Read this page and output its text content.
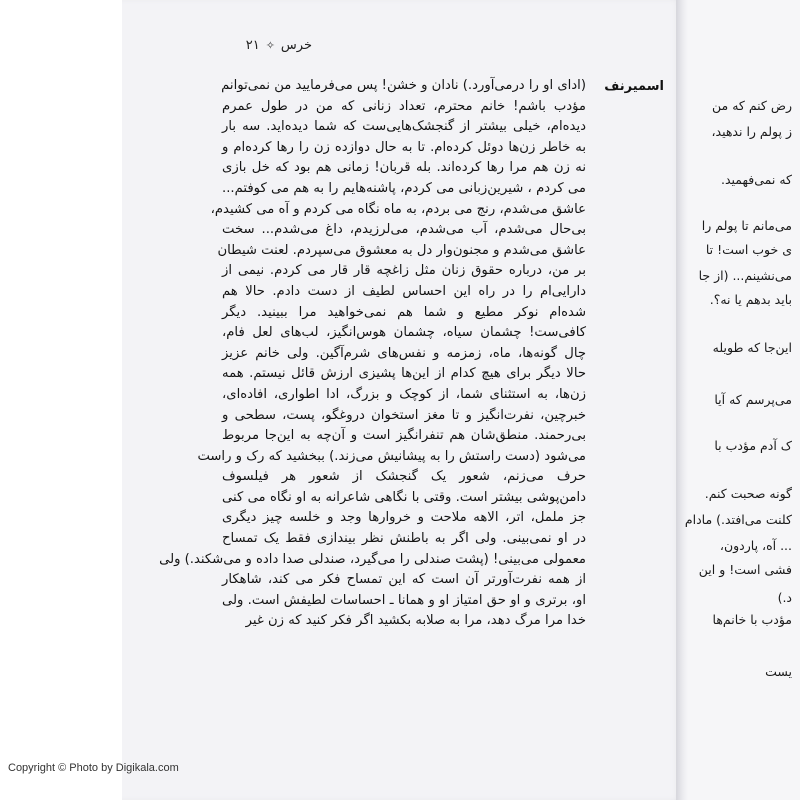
خرس
✧
۲۱
اسمیرنف
(ادای او را درمی‌آورد.) نادان و خشن! پس می‌فرمایید من نمی‌توانم
مؤدب باشم! خانم محترم، تعداد زنانی که من در طول عمرم
دیده‌ام، خیلی بیشتر از گنجشک‌هایی‌ست که شما دیده‌اید. سه بار
به خاطر زن‌ها دوئل کرده‌ام. تا به حال دوازده زن را رها کرده‌ام و
نه زن هم مرا رها کرده‌اند. بله قربان! زمانی هم بود که خل بازی
می کردم ، شیرین‌زبانی می کردم، پاشنه‌هایم را به هم می کوفتم...
عاشق می‌شدم، رنج می بردم، به ماه نگاه می کردم و آه می کشیدم،
بی‌حال می‌شدم، آب می‌شدم، می‌لرزیدم، داغ می‌شدم... سخت
عاشق می‌شدم و مجنون‌وار دل به معشوق می‌سپردم. لعنت شیطان
بر من، درباره حقوق زنان مثل زاغچه قار قار می کردم. نیمی از
دارایی‌ام را در راه این احساس لطیف از دست دادم. حالا هم
شده‌ام نوکر مطیع و شما هم نمی‌خواهید مرا ببینید. دیگر
کافی‌ست! چشمان سیاه، چشمان هوس‌انگیز، لب‌های لعل فام،
چال گونه‌ها، ماه، زمزمه و نفس‌های شرم‌آگین. ولی خانم عزیز
حالا دیگر برای هیچ کدام از این‌ها پشیزی ارزش قائل نیستم. همه
زن‌ها، به استثنای شما، از کوچک و بزرگ، ادا اطواری، افاده‌ای،
خبرچین، نفرت‌انگیز و تا مغز استخوان دروغگو، پست، سطحی و
بی‌رحمند. منطق‌شان هم تنفرانگیز است و آن‌چه به این‌جا مربوط
می‌شود (دست راستش را به پیشانیش می‌زند.) ببخشید که رک و راست
حرف می‌زنم، شعور یک گنجشک از شعور هر فیلسوف
دامن‌پوشی بیشتر است. وقتی با نگاهی شاعرانه به او نگاه می کنی
جز ململ، اتر، الاهه ملاحت و خروارها وجد و خلسه چیز دیگری
در او نمی‌بینی. ولی اگر به باطنش نظر بیندازی فقط یک تمساح
معمولی می‌بینی! (پشت صندلی را می‌گیرد، صندلی صدا داده و می‌شکند.) ولی
از همه نفرت‌آورتر آن است که این تمساح فکر می کند، شاهکار
او، برتری و او حق امتیاز او و همانا ـ احساسات لطیفش است. ولی
خدا مرا مرگ دهد، مرا به صلابه بکشید اگر فکر کنید که زن غیر
رض کنم که من
ز پولم را ندهید،
که نمی‌فهمید.
می‌مانم تا پولم را
ی خوب است! تا
می‌نشینم... (از جا
باید بدهم یا نه؟.
این‌جا که طویله
می‌پرسم که آیا
ک آدم مؤدب با
گونه صحبت کنم.
کلنت می‌افتد.) مادام
... آه، پاردون،
فشی است! و این
د.)
مؤدب با خانم‌ها
یست
Copyright © Photo by Digikala.com
